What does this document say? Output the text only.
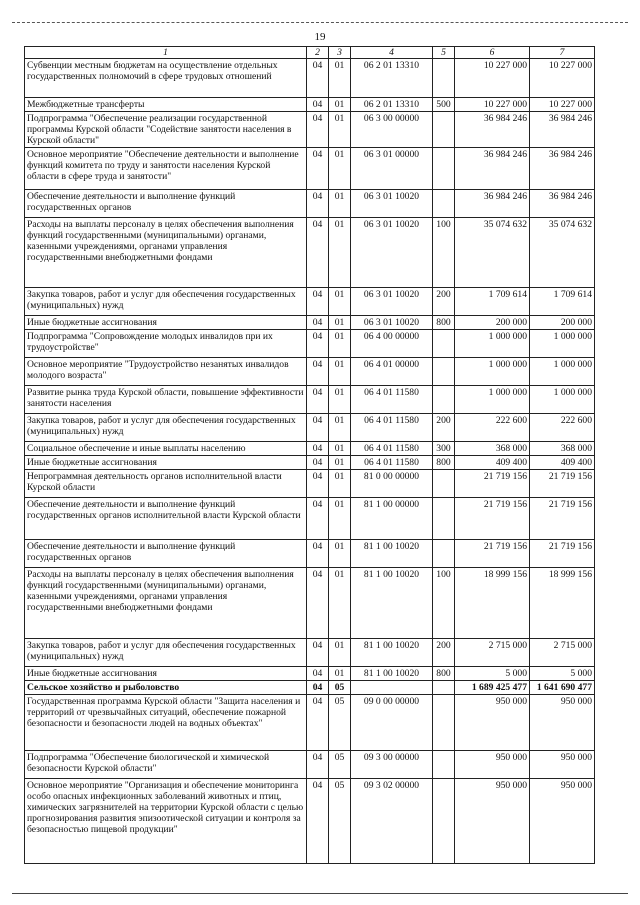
19
1	2	3	4	5	6	7
Субвенции местным бюджетам на осуществление отдельных государственных полномочий в сфере трудовых отношений	04	01	06 2 01 13310		10 227 000	10 227 000
Межбюджетные трансферты	04	01	06 2 01 13310	500	10 227 000	10 227 000
Подпрограмма "Обеспечение реализации государственной программы Курской области "Содействие занятости населения в Курской области"	04	01	06 3 00 00000		36 984 246	36 984 246
Основное мероприятие "Обеспечение деятельности и выполнение функций комитета по труду и занятости населения Курской области в сфере труда и занятости"	04	01	06 3 01 00000		36 984 246	36 984 246
Обеспечение деятельности и выполнение функций государственных органов	04	01	06 3 01 10020		36 984 246	36 984 246
Расходы на выплаты персоналу в целях обеспечения выполнения функций государственными (муниципальными) органами, казенными учреждениями, органами управления государственными внебюджетными фондами	04	01	06 3 01 10020	100	35 074 632	35 074 632
Закупка товаров, работ и услуг для обеспечения государственных (муниципальных) нужд	04	01	06 3 01 10020	200	1 709 614	1 709 614
Иные бюджетные ассигнования	04	01	06 3 01 10020	800	200 000	200 000
Подпрограмма "Сопровождение молодых инвалидов при их трудоустройстве"	04	01	06 4 00 00000		1 000 000	1 000 000
Основное мероприятие "Трудоустройство незанятых инвалидов молодого возраста"	04	01	06 4 01 00000		1 000 000	1 000 000
Развитие рынка труда Курской области, повышение эффективности занятости населения	04	01	06 4 01 11580		1 000 000	1 000 000
Закупка товаров, работ и услуг для обеспечения государственных (муниципальных) нужд	04	01	06 4 01 11580	200	222 600	222 600
Социальное обеспечение и иные выплаты населению	04	01	06 4 01 11580	300	368 000	368 000
Иные бюджетные ассигнования	04	01	06 4 01 11580	800	409 400	409 400
Непрограммная деятельность органов исполнительной власти Курской области	04	01	81 0 00 00000		21 719 156	21 719 156
Обеспечение деятельности и выполнение функций государственных органов исполнительной власти Курской области	04	01	81 1 00 00000		21 719 156	21 719 156
Обеспечение деятельности и выполнение функций государственных органов	04	01	81 1 00 10020		21 719 156	21 719 156
Расходы на выплаты персоналу в целях обеспечения выполнения функций государственными (муниципальными) органами, казенными учреждениями, органами управления государственными внебюджетными фондами	04	01	81 1 00 10020	100	18 999 156	18 999 156
Закупка товаров, работ и услуг для обеспечения государственных (муниципальных) нужд	04	01	81 1 00 10020	200	2 715 000	2 715 000
Иные бюджетные ассигнования	04	01	81 1 00 10020	800	5 000	5 000
Сельское хозяйство и рыболовство	04	05			1 689 425 477	1 641 690 477
Государственная программа Курской области "Защита населения и территорий от чрезвычайных ситуаций, обеспечение пожарной безопасности и безопасности людей на водных объектах"	04	05	09 0 00 00000		950 000	950 000
Подпрограмма "Обеспечение биологической и химической безопасности Курской области"	04	05	09 3 00 00000		950 000	950 000
Основное мероприятие "Организация и обеспечение мониторинга особо опасных инфекционных заболеваний животных и птиц, химических загрязнителей на территории Курской области с целью прогнозирования развития эпизоотической ситуации и контроля за безопасностью пищевой продукции"	04	05	09 3 02 00000		950 000	950 000
